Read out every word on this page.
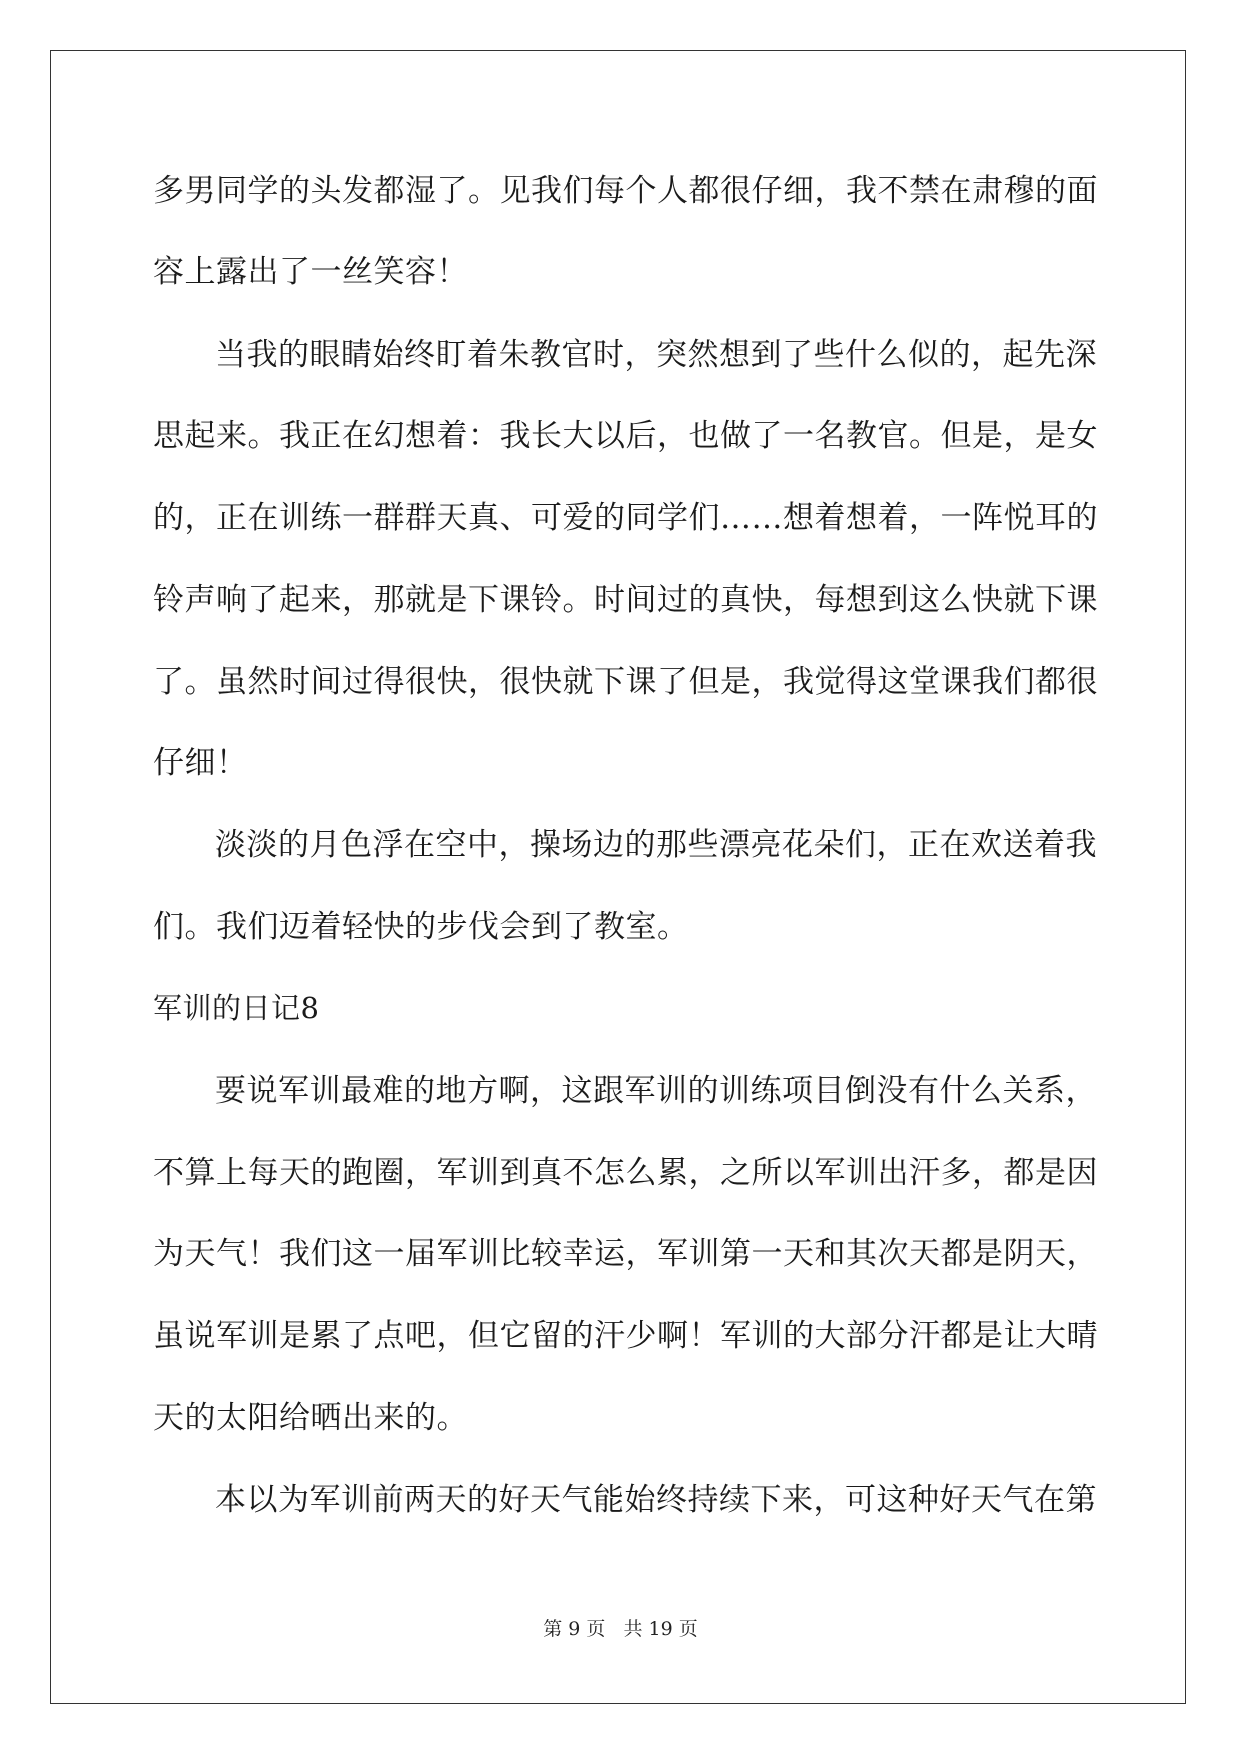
多男同学的头发都湿了。见我们每个人都很仔细，我不禁在肃穆的面
容上露出了一丝笑容！
当我的眼睛始终盯着朱教官时，突然想到了些什么似的，起先深
思起来。我正在幻想着：我长大以后，也做了一名教官。但是，是女
的，正在训练一群群天真、可爱的同学们……想着想着，一阵悦耳的
铃声响了起来，那就是下课铃。时间过的真快，每想到这么快就下课
了。虽然时间过得很快，很快就下课了但是，我觉得这堂课我们都很
仔细！
淡淡的月色浮在空中，操场边的那些漂亮花朵们，正在欢送着我
们。我们迈着轻快的步伐会到了教室。
军训的日记8
要说军训最难的地方啊，这跟军训的训练项目倒没有什么关系，
不算上每天的跑圈，军训到真不怎么累，之所以军训出汗多，都是因
为天气！我们这一届军训比较幸运，军训第一天和其次天都是阴天，
虽说军训是累了点吧，但它留的汗少啊！军训的大部分汗都是让大晴
天的太阳给晒出来的。
本以为军训前两天的好天气能始终持续下来，可这种好天气在第
第 9 页 共 19 页
